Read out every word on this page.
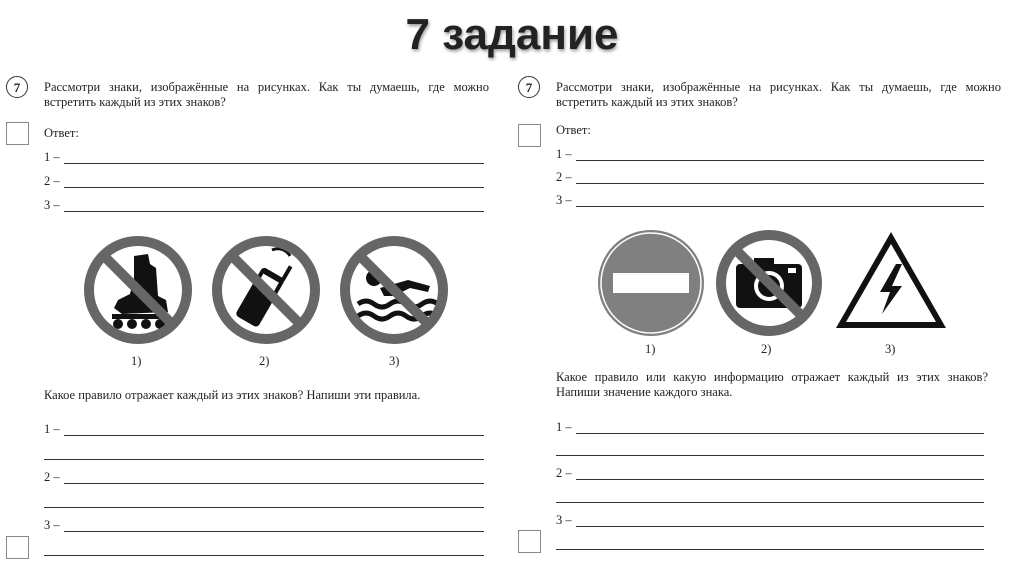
7 задание
7	Рассмотри знаки, изображённые на рисунках. Как ты думаешь, где можно встретить каждый из этих знаков?
Ответ:
1 –
2 –
3 –
1)	2)	3)
Какое правило отражает каждый из этих знаков? Напиши эти правила.
1 –
2 –
3 –
7	Рассмотри знаки, изображённые на рисунках. Как ты думаешь, где можно встретить каждый из этих знаков?
Ответ:
1 –
2 –
3 –
1)	2)	3)
Какое правило или какую информацию отражает каждый из этих знаков? Напиши значение каждого знака.
1 –
2 –
3 –
